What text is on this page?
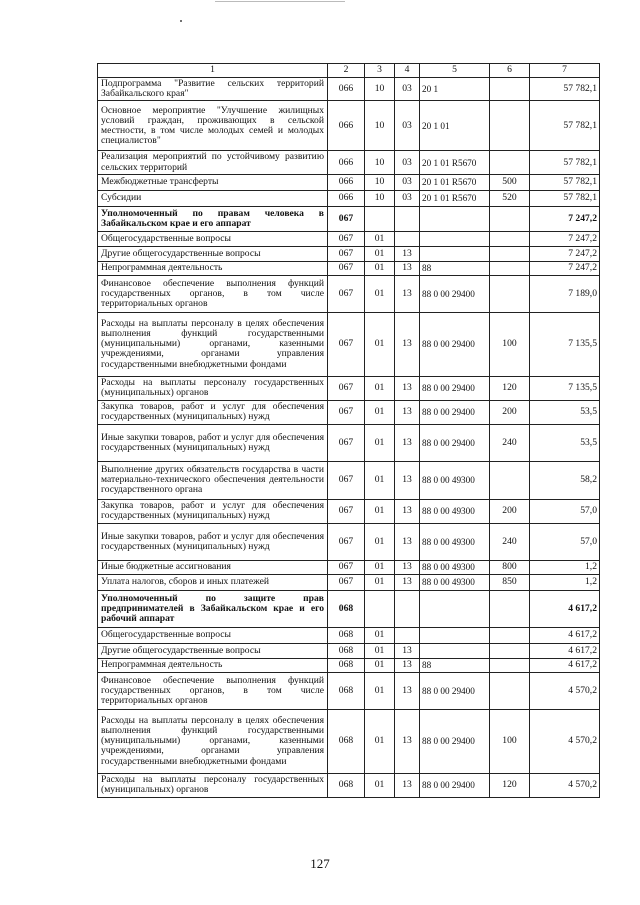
1	2	3	4	5	6	7
Подпрограмма "Развитие сельских территорий Забайкальского края"	066	10	03	20 1		57 782,1
Основное мероприятие "Улучшение жилищных условий граждан, проживающих в сельской местности, в том числе молодых семей и молодых специалистов"	066	10	03	20 1 01		57 782,1
Реализация мероприятий по устойчивому развитию сельских территорий	066	10	03	20 1 01 R5670		57 782,1
Межбюджетные трансферты	066	10	03	20 1 01 R5670	500	57 782,1
Субсидии	066	10	03	20 1 01 R5670	520	57 782,1
Уполномоченный по правам человека в Забайкальском крае и его аппарат	067					7 247,2
Общегосударственные вопросы	067	01				7 247,2
Другие общегосударственные вопросы	067	01	13			7 247,2
Непрограммная деятельность	067	01	13	88		7 247,2
Финансовое обеспечение выполнения функций государственных органов, в том числе территориальных органов	067	01	13	88 0 00 29400		7 189,0
Расходы на выплаты персоналу в целях обеспечения выполнения функций государственными (муниципальными) органами, казенными учреждениями, органами управления государственными внебюджетными фондами	067	01	13	88 0 00 29400	100	7 135,5
Расходы на выплаты персоналу государственных (муниципальных) органов	067	01	13	88 0 00 29400	120	7 135,5
Закупка товаров, работ и услуг для обеспечения государственных (муниципальных) нужд	067	01	13	88 0 00 29400	200	53,5
Иные закупки товаров, работ и услуг для обеспечения государственных (муниципальных) нужд	067	01	13	88 0 00 29400	240	53,5
Выполнение других обязательств государства в части материально-технического обеспечения деятельности государственного органа	067	01	13	88 0 00 49300		58,2
Закупка товаров, работ и услуг для обеспечения государственных (муниципальных) нужд	067	01	13	88 0 00 49300	200	57,0
Иные закупки товаров, работ и услуг для обеспечения государственных (муниципальных) нужд	067	01	13	88 0 00 49300	240	57,0
Иные бюджетные ассигнования	067	01	13	88 0 00 49300	800	1,2
Уплата налогов, сборов и иных платежей	067	01	13	88 0 00 49300	850	1,2
Уполномоченный по защите прав предпринимателей в Забайкальском крае и его рабочий аппарат	068					4 617,2
Общегосударственные вопросы	068	01				4 617,2
Другие общегосударственные вопросы	068	01	13			4 617,2
Непрограммная деятельность	068	01	13	88		4 617,2
Финансовое обеспечение выполнения функций государственных органов, в том числе территориальных органов	068	01	13	88 0 00 29400		4 570,2
Расходы на выплаты персоналу в целях обеспечения выполнения функций государственными (муниципальными) органами, казенными учреждениями, органами управления государственными внебюджетными фондами	068	01	13	88 0 00 29400	100	4 570,2
Расходы на выплаты персоналу государственных (муниципальных) органов	068	01	13	88 0 00 29400	120	4 570,2
127
